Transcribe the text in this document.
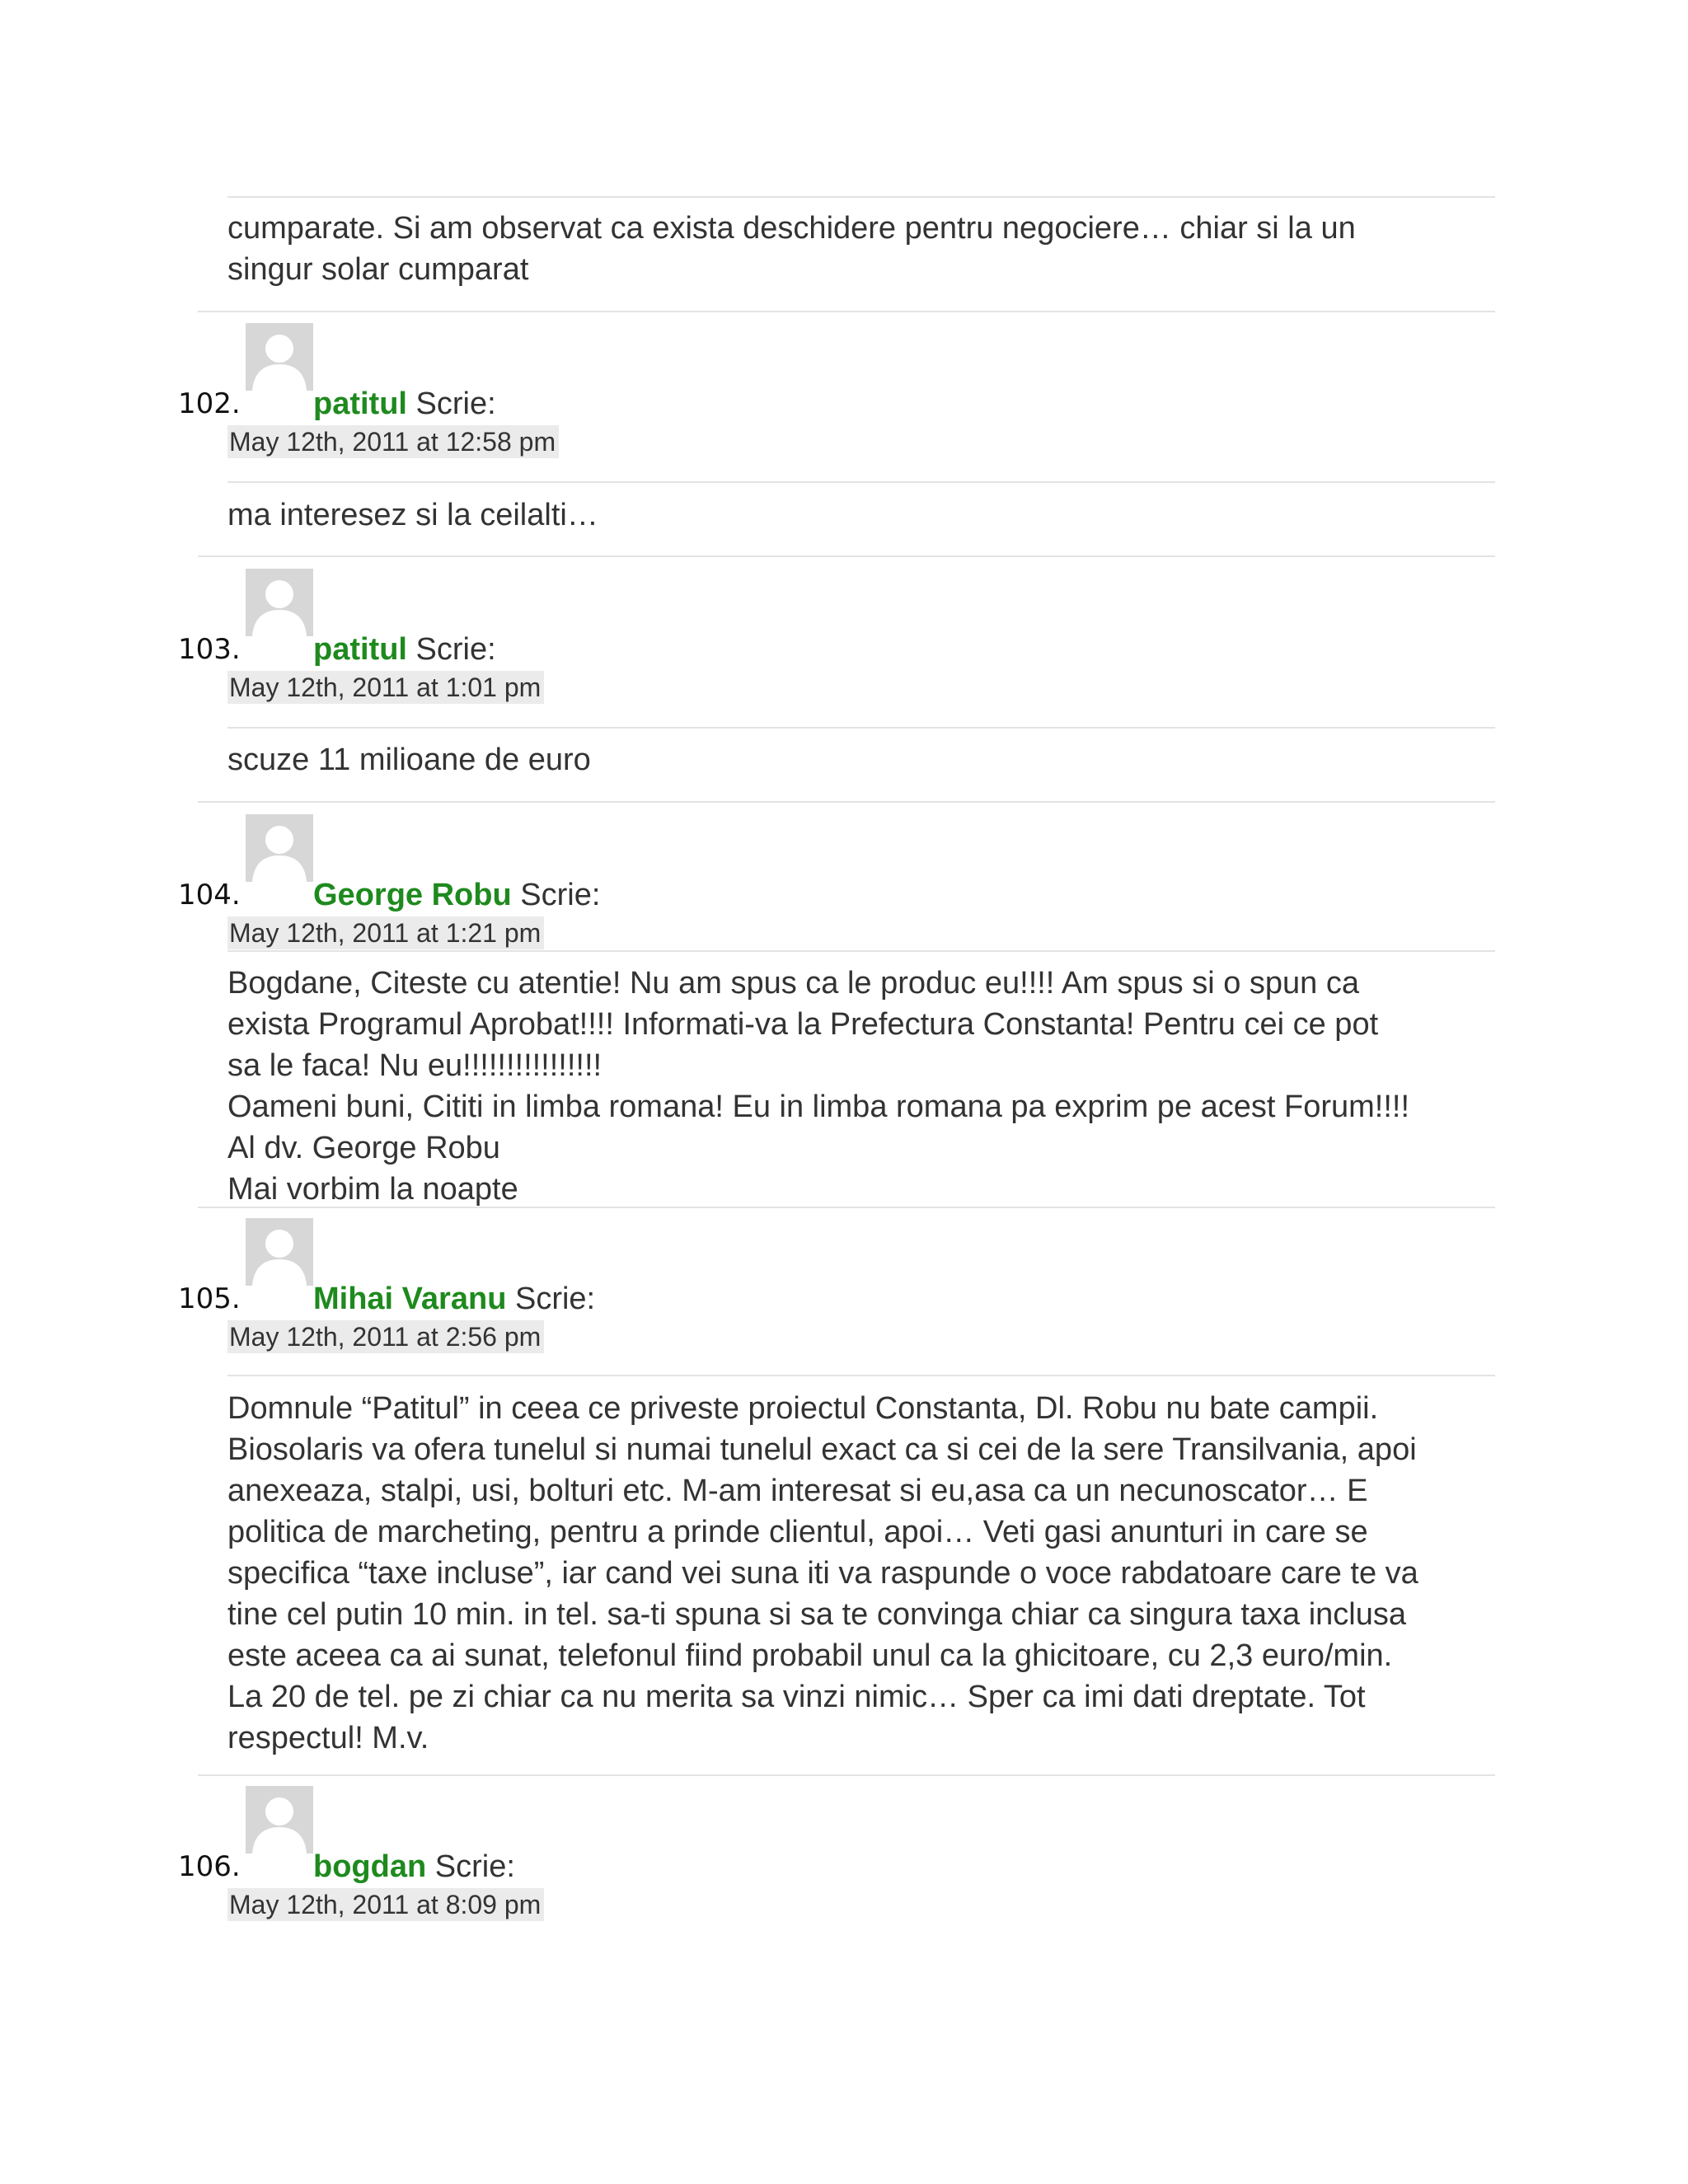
cumparate. Si am observat ca exista deschidere pentru negociere… chiar si la un
singur solar cumparat

102. patitul Scrie:
May 12th, 2011 at 12:58 pm

ma interesez si la ceilalti…

103. patitul Scrie:
May 12th, 2011 at 1:01 pm

scuze 11 milioane de euro

104. George Robu Scrie:
May 12th, 2011 at 1:21 pm

Bogdane, Citeste cu atentie! Nu am spus ca le produc eu!!!! Am spus si o spun ca
exista Programul Aprobat!!!! Informati-va la Prefectura Constanta! Pentru cei ce pot
sa le faca! Nu eu!!!!!!!!!!!!!!!!
Oameni buni, Cititi in limba romana! Eu in limba romana pa exprim pe acest Forum!!!!
Al dv. George Robu
Mai vorbim la noapte

105. Mihai Varanu Scrie:
May 12th, 2011 at 2:56 pm

Domnule “Patitul” in ceea ce priveste proiectul Constanta, Dl. Robu nu bate campii.
Biosolaris va ofera tunelul si numai tunelul exact ca si cei de la sere Transilvania, apoi
anexeaza, stalpi, usi, bolturi etc. M-am interesat si eu,asa ca un necunoscator… E
politica de marcheting, pentru a prinde clientul, apoi… Veti gasi anunturi in care se
specifica “taxe incluse”, iar cand vei suna iti va raspunde o voce rabdatoare care te va
tine cel putin 10 min. in tel. sa-ti spuna si sa te convinga chiar ca singura taxa inclusa
este aceea ca ai sunat, telefonul fiind probabil unul ca la ghicitoare, cu 2,3 euro/min.
La 20 de tel. pe zi chiar ca nu merita sa vinzi nimic… Sper ca imi dati dreptate. Tot
respectul! M.v.

106. bogdan Scrie:
May 12th, 2011 at 8:09 pm
